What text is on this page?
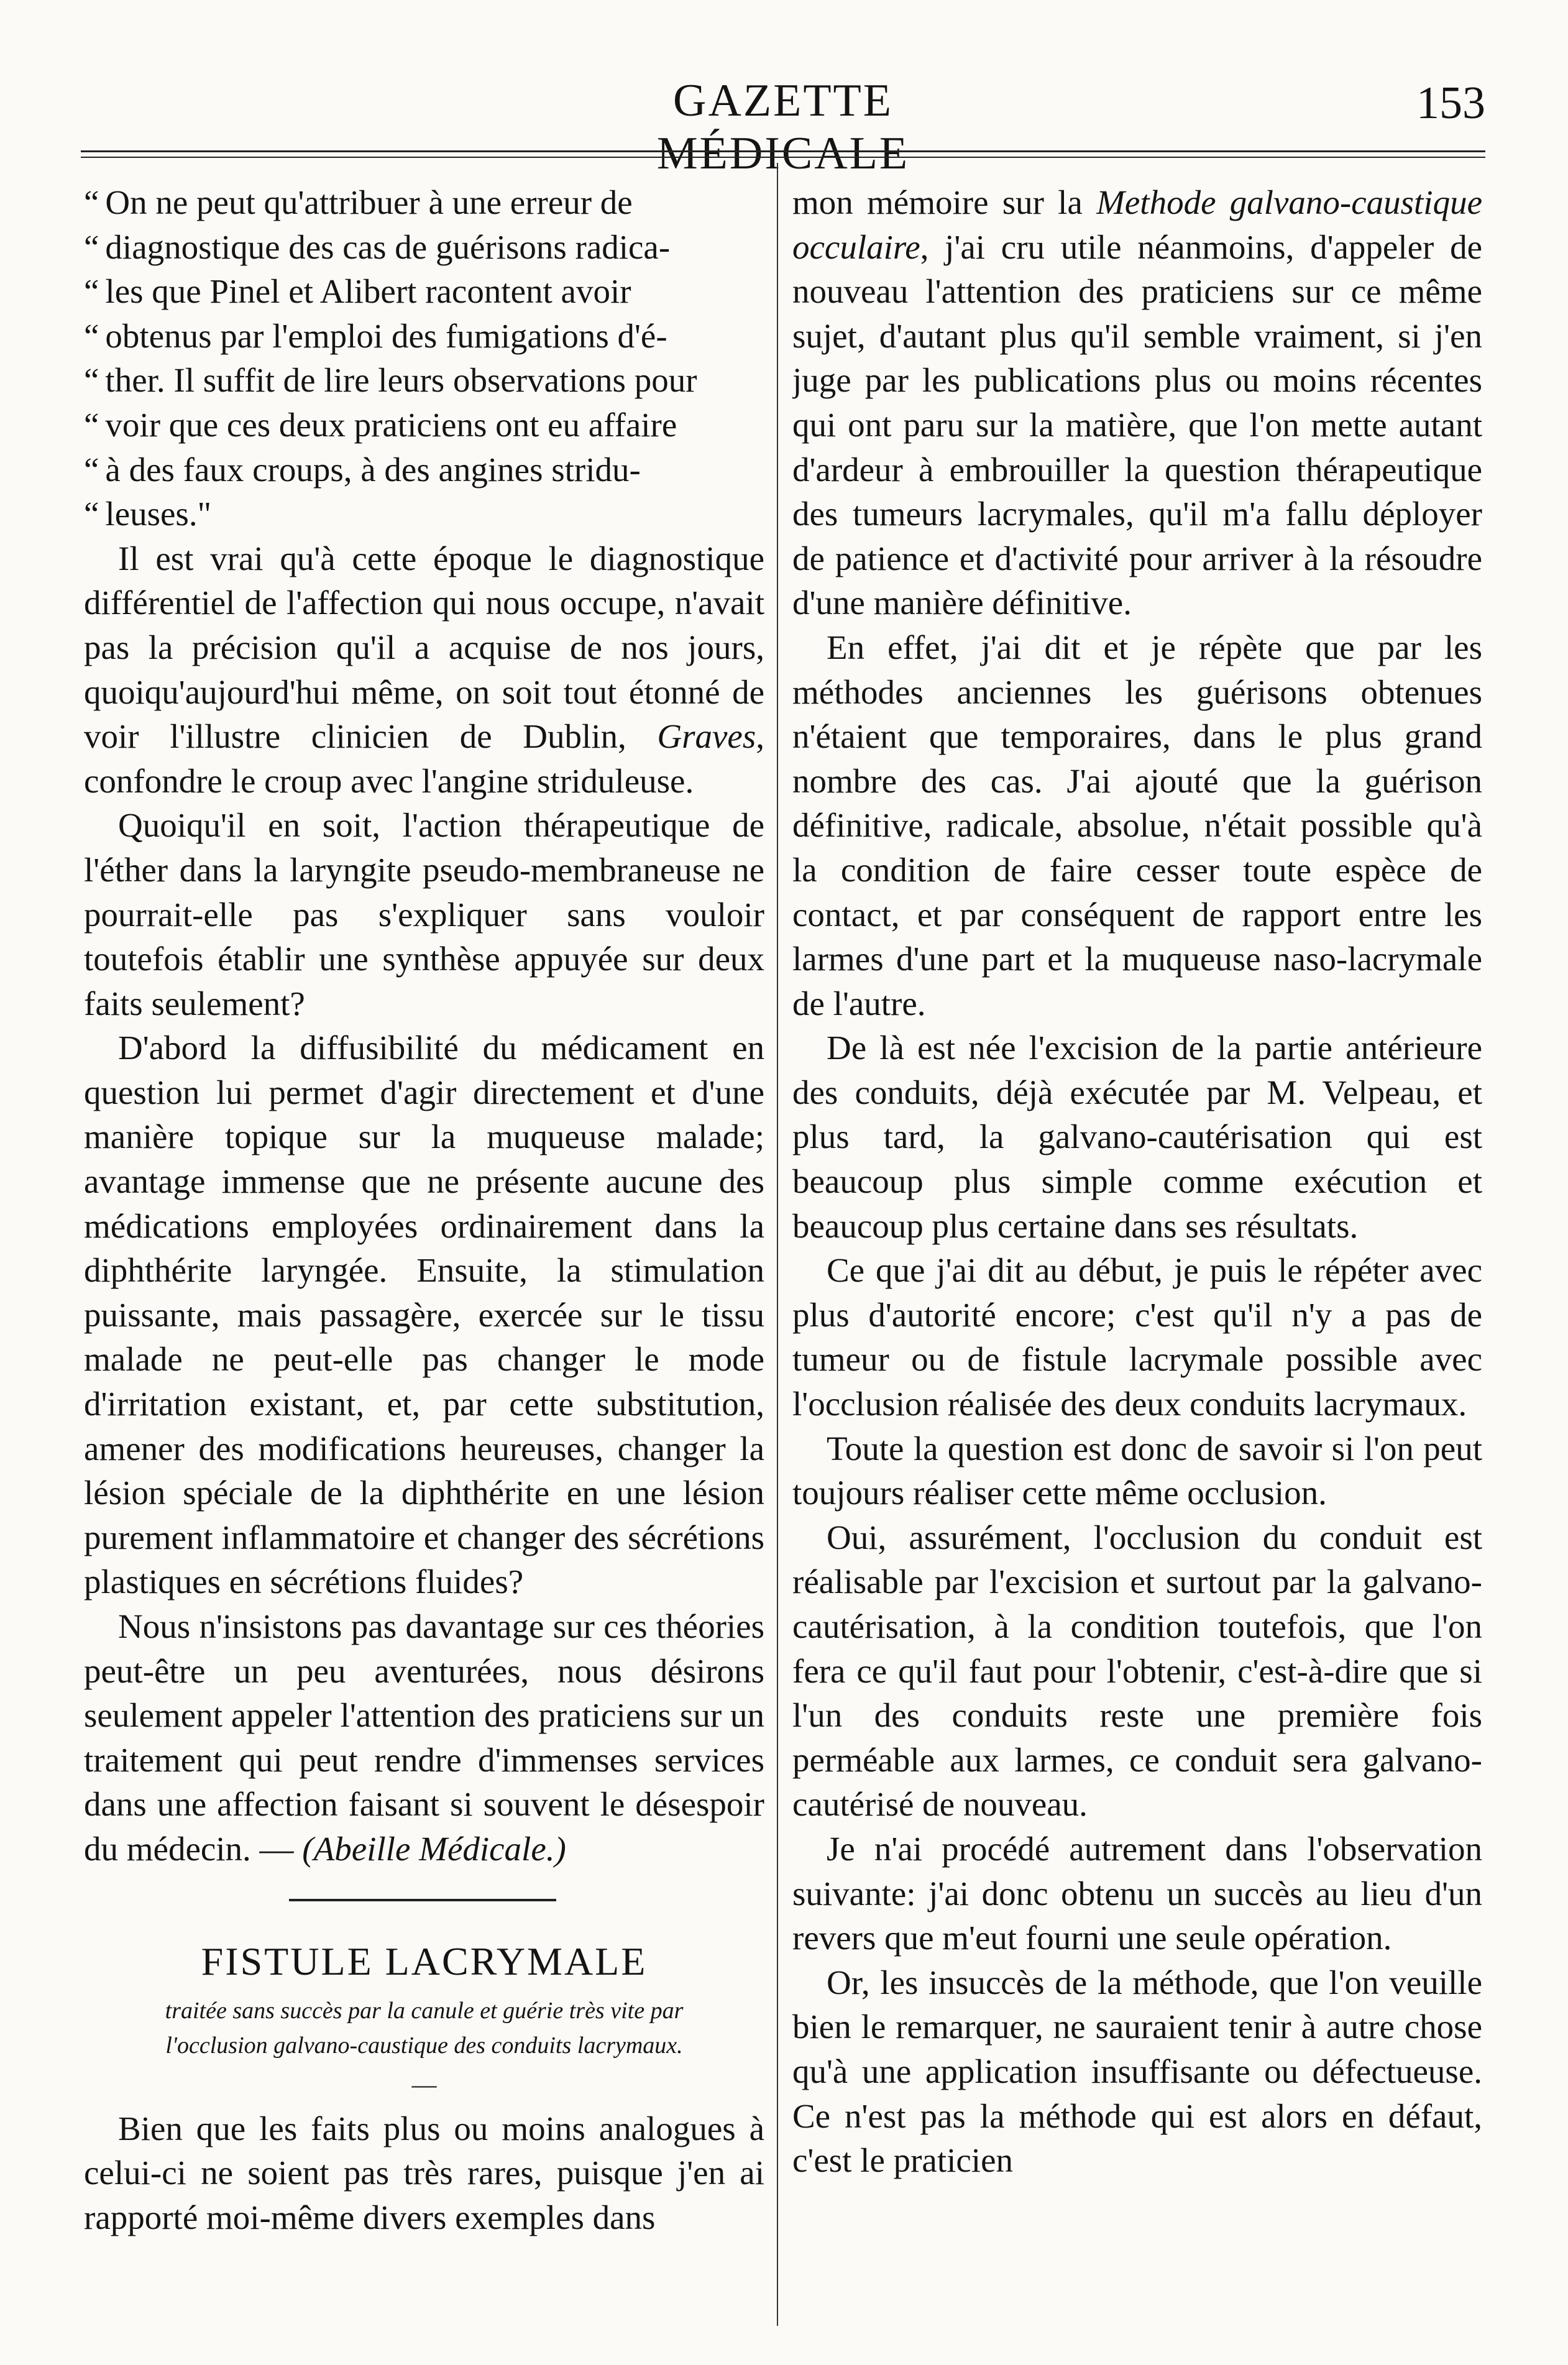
GAZETTE MÉDICALE
153
“ On ne peut qu'attribuer à une erreur de
“ diagnostique des cas de guérisons radica-
“ les que Pinel et Alibert racontent avoir
“ obtenus par l'emploi des fumigations d'é-
“ ther. Il suffit de lire leurs observations pour
“ voir que ces deux praticiens ont eu affaire
“ à des faux croups, à des angines stridu-
“ leuses."

Il est vrai qu'à cette époque le diagnostique différentiel de l'affection qui nous occupe, n'avait pas la précision qu'il a acquise de nos jours, quoiqu'aujourd'hui même, on soit tout étonné de voir l'illustre clinicien de Dublin, Graves, confondre le croup avec l'angine striduleuse.

Quoiqu'il en soit, l'action thérapeutique de l'éther dans la laryngite pseudo-membraneuse ne pourrait-elle pas s'expliquer sans vouloir toutefois établir une synthèse appuyée sur deux faits seulement?

D'abord la diffusibilité du médicament en question lui permet d'agir directement et d'une manière topique sur la muqueuse malade; avantage immense que ne présente aucune des médications employées ordinairement dans la diphthérite laryngée. Ensuite, la stimulation puissante, mais passagère, exercée sur le tissu malade ne peut-elle pas changer le mode d'irritation existant, et, par cette substitution, amener des modifications heureuses, changer la lésion spéciale de la diphthérite en une lésion purement inflammatoire et changer des sécrétions plastiques en sécrétions fluides?

Nous n'insistons pas davantage sur ces théories peut-être un peu aventurées, nous désirons seulement appeler l'attention des praticiens sur un traitement qui peut rendre d'immenses services dans une affection faisant si souvent le désespoir du médecin. — (Abeille Médicale.)

FISTULE LACRYMALE
traitée sans succès par la canule et guérie très vite par
l'occlusion galvano-caustique des conduits lacrymaux.
—

Bien que les faits plus ou moins analogues à celui-ci ne soient pas très rares, puisque j'en ai rapporté moi-même divers exemples dans

mon mémoire sur la Methode galvano-caustique occulaire, j'ai cru utile néanmoins, d'appeler de nouveau l'attention des praticiens sur ce même sujet, d'autant plus qu'il semble vraiment, si j'en juge par les publications plus ou moins récentes qui ont paru sur la matière, que l'on mette autant d'ardeur à embrouiller la question thérapeutique des tumeurs lacrymales, qu'il m'a fallu déployer de patience et d'activité pour arriver à la résoudre d'une manière définitive.

En effet, j'ai dit et je répète que par les méthodes anciennes les guérisons obtenues n'étaient que temporaires, dans le plus grand nombre des cas. J'ai ajouté que la guérison définitive, radicale, absolue, n'était possible qu'à la condition de faire cesser toute espèce de contact, et par conséquent de rapport entre les larmes d'une part et la muqueuse naso-lacrymale de l'autre.

De là est née l'excision de la partie antérieure des conduits, déjà exécutée par M. Velpeau, et plus tard, la galvano-cautérisation qui est beaucoup plus simple comme exécution et beaucoup plus certaine dans ses résultats.

Ce que j'ai dit au début, je puis le répéter avec plus d'autorité encore; c'est qu'il n'y a pas de tumeur ou de fistule lacrymale possible avec l'occlusion réalisée des deux conduits lacrymaux.

Toute la question est donc de savoir si l'on peut toujours réaliser cette même occlusion.

Oui, assurément, l'occlusion du conduit est réalisable par l'excision et surtout par la galvano-cautérisation, à la condition toutefois, que l'on fera ce qu'il faut pour l'obtenir, c'est-à-dire que si l'un des conduits reste une première fois perméable aux larmes, ce conduit sera galvano-cautérisé de nouveau.

Je n'ai procédé autrement dans l'observation suivante: j'ai donc obtenu un succès au lieu d'un revers que m'eut fourni une seule opération.

Or, les insuccès de la méthode, que l'on veuille bien le remarquer, ne sauraient tenir à autre chose qu'à une application insuffisante ou défectueuse. Ce n'est pas la méthode qui est alors en défaut, c'est le praticien
